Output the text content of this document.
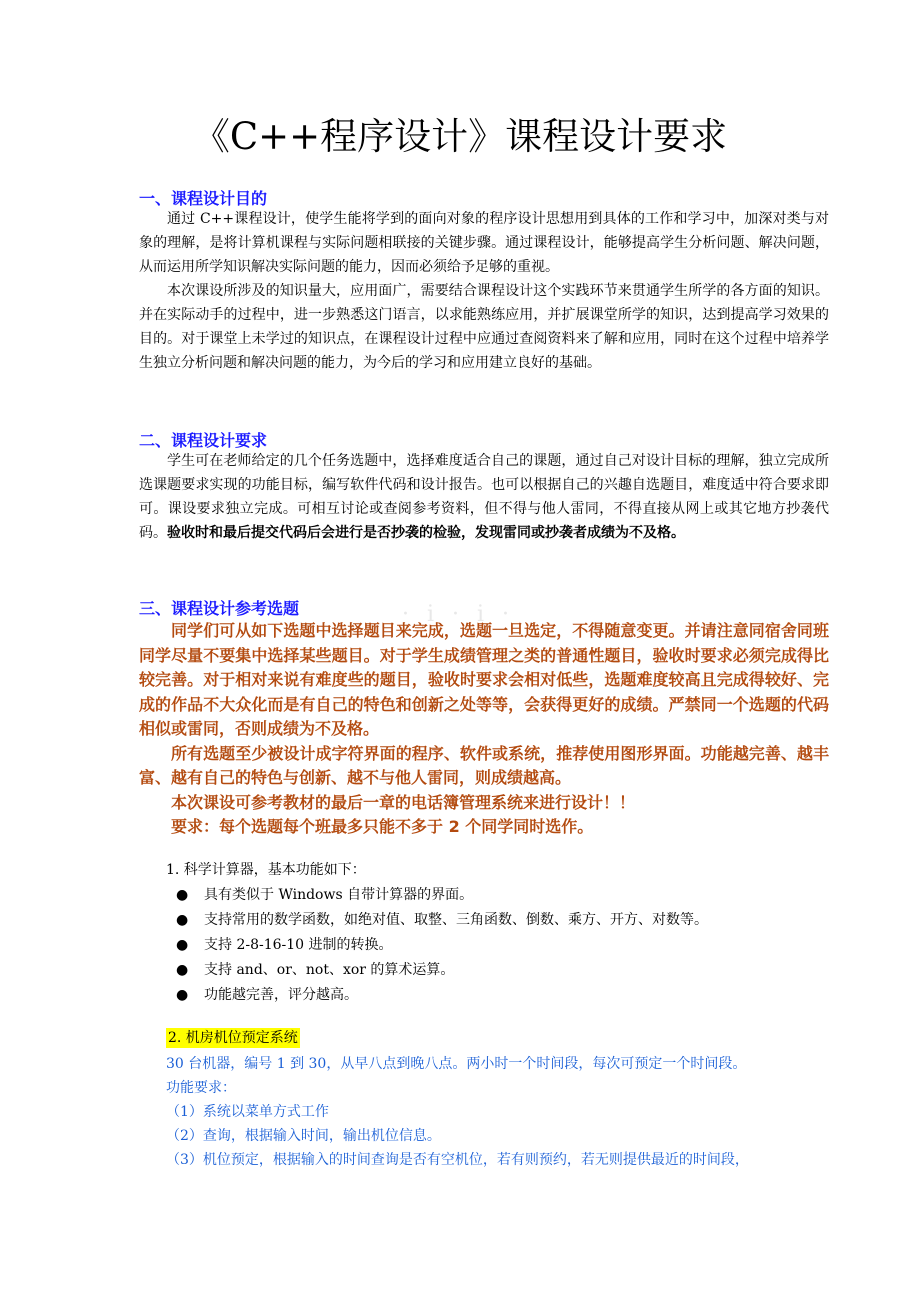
《C++程序设计》课程设计要求
一、课程设计目的

通过 C++课程设计，使学生能将学到的面向对象的程序设计思想用到具体的工作和学习中，加深对类与对象的理解，是将计算机课程与实际问题相联接的关键步骤。通过课程设计，能够提高学生分析问题、解决问题，从而运用所学知识解决实际问题的能力，因而必须给予足够的重视。

本次课设所涉及的知识量大，应用面广，需要结合课程设计这个实践环节来贯通学生所学的各方面的知识。并在实际动手的过程中，进一步熟悉这门语言，以求能熟练应用，并扩展课堂所学的知识，达到提高学习效果的目的。对于课堂上未学过的知识点，在课程设计过程中应通过查阅资料来了解和应用，同时在这个过程中培养学生独立分析问题和解决问题的能力，为今后的学习和应用建立良好的基础。

二、课程设计要求

学生可在老师给定的几个任务选题中，选择难度适合自己的课题，通过自己对设计目标的理解，独立完成所选课题要求实现的功能目标，编写软件代码和设计报告。也可以根据自己的兴趣自选题目，难度适中符合要求即可。课设要求独立完成。可相互讨论或查阅参考资料，但不得与他人雷同，不得直接从网上或其它地方抄袭代码。验收时和最后提交代码后会进行是否抄袭的检验，发现雷同或抄袭者成绩为不及格。

三、课程设计参考选题	·i·i·

同学们可从如下选题中选择题目来完成，选题一旦选定，不得随意变更。并请注意同宿舍同班同学尽量不要集中选择某些题目。对于学生成绩管理之类的普通性题目，验收时要求必须完成得比较完善。对于相对来说有难度些的题目，验收时要求会相对低些，选题难度较高且完成得较好、完成的作品不大众化而是有自己的特色和创新之处等等，会获得更好的成绩。严禁同一个选题的代码相似或雷同，否则成绩为不及格。

所有选题至少被设计成字符界面的程序、软件或系统，推荐使用图形界面。功能越完善、越丰富、越有自己的特色与创新、越不与他人雷同，则成绩越高。

本次课设可参考教材的最后一章的电话簿管理系统来进行设计！！

要求：每个选题每个班最多只能不多于 2 个同学同时选作。

1. 科学计算器，基本功能如下：

● 具有类似于 Windows 自带计算器的界面。
● 支持常用的数学函数，如绝对值、取整、三角函数、倒数、乘方、开方、对数等。
● 支持 2-8-16-10 进制的转换。
● 支持 and、or、not、xor 的算术运算。
● 功能越完善，评分越高。
2. 机房机位预定系统
30 台机器，编号 1 到 30，从早八点到晚八点。两小时一个时间段，每次可预定一个时间段。
功能要求：
（1）系统以菜单方式工作
（2）查询，根据输入时间，输出机位信息。
（3）机位预定，根据输入的时间查询是否有空机位，若有则预约，若无则提供最近的时间段，
